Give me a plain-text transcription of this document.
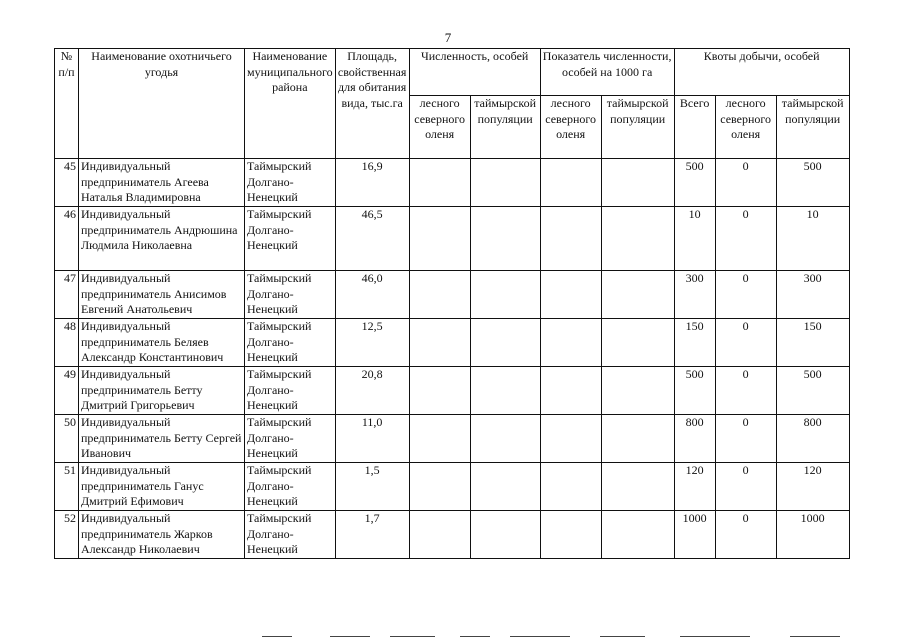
7
№ п/п	Наименование охотничьего угодья	Наименование муниципального района	Площадь, свойственная для обитания вида, тыс.га	Численность, особей		Показатель численности, особей на 1000 га		Квоты добычи, особей		
				лесного северного оленя	таймырской популяции	лесного северного оленя	таймырской популяции	Всего	лесного северного оленя	таймырской популяции
45	Индивидуальный предприниматель Агеева Наталья Владимировна	Таймырский Долгано-Ненецкий	16,9					500	0	500
46	Индивидуальный предприниматель Андрюшина Людмила Николаевна	Таймырский Долгано-Ненецкий	46,5					10	0	10
47	Индивидуальный предприниматель Анисимов Евгений Анатольевич	Таймырский Долгано-Ненецкий	46,0					300	0	300
48	Индивидуальный предприниматель Беляев Александр Константинович	Таймырский Долгано-Ненецкий	12,5					150	0	150
49	Индивидуальный предприниматель Бетту Дмитрий Григорьевич	Таймырский Долгано-Ненецкий	20,8					500	0	500
50	Индивидуальный предприниматель Бетту Сергей Иванович	Таймырский Долгано-Ненецкий	11,0					800	0	800
51	Индивидуальный предприниматель Ганус Дмитрий Ефимович	Таймырский Долгано-Ненецкий	1,5					120	0	120
52	Индивидуальный предприниматель Жарков Александр Николаевич	Таймырский Долгано-Ненецкий	1,7					1000	0	1000
